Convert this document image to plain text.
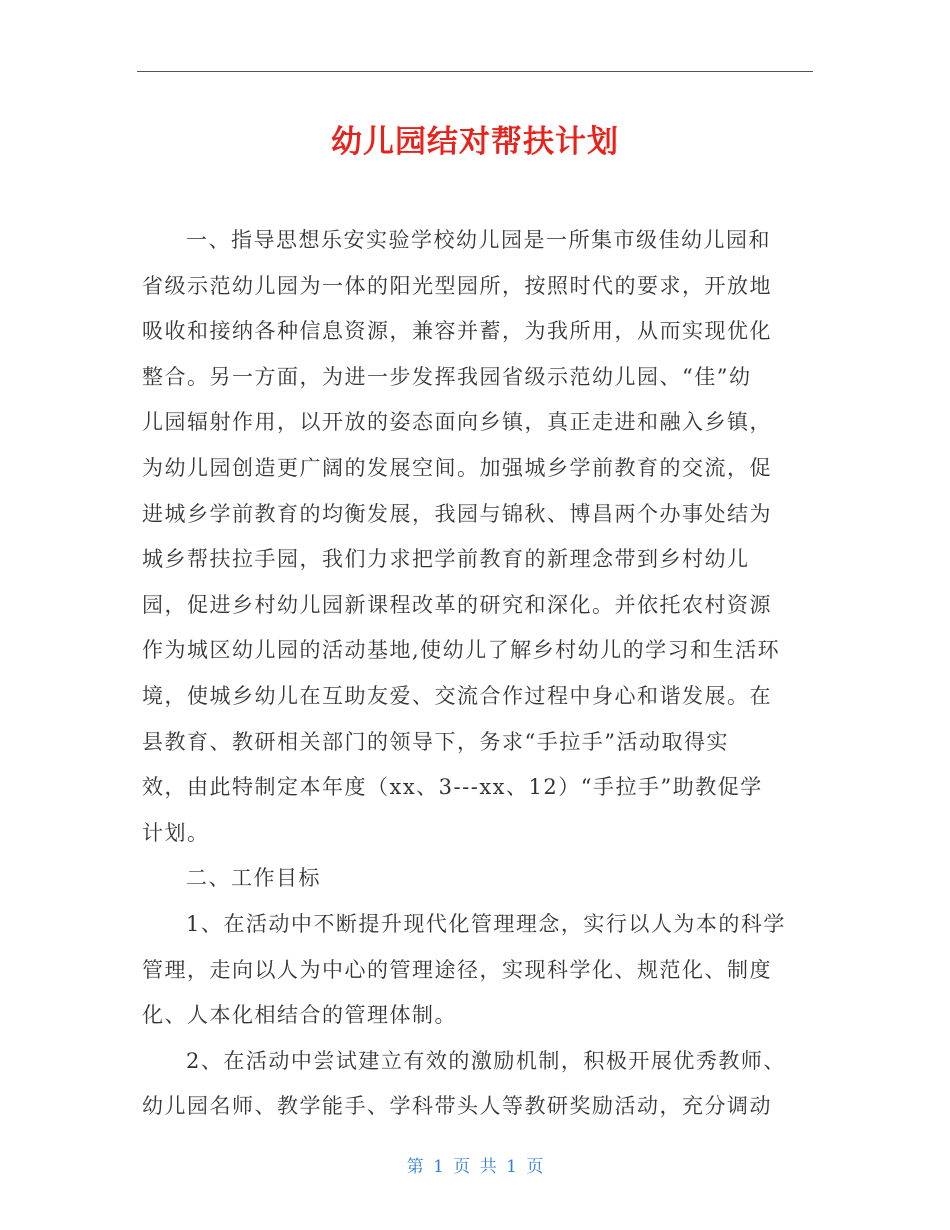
幼儿园结对帮扶计划
一、指导思想乐安实验学校幼儿园是一所集市级佳幼儿园和
省级示范幼儿园为一体的阳光型园所，按照时代的要求，开放地
吸收和接纳各种信息资源，兼容并蓄，为我所用，从而实现优化
整合。另一方面，为进一步发挥我园省级示范幼儿园、“佳”幼
儿园辐射作用，以开放的姿态面向乡镇，真正走进和融入乡镇，
为幼儿园创造更广阔的发展空间。加强城乡学前教育的交流，促
进城乡学前教育的均衡发展，我园与锦秋、博昌两个办事处结为
城乡帮扶拉手园，我们力求把学前教育的新理念带到乡村幼儿
园，促进乡村幼儿园新课程改革的研究和深化。并依托农村资源
作为城区幼儿园的活动基地,使幼儿了解乡村幼儿的学习和生活环
境，使城乡幼儿在互助友爱、交流合作过程中身心和谐发展。在
县教育、教研相关部门的领导下，务求“手拉手”活动取得实
效，由此特制定本年度（xx、3---xx、12）“手拉手”助教促学
计划。
二、工作目标
1、在活动中不断提升现代化管理理念，实行以人为本的科学
管理，走向以人为中心的管理途径，实现科学化、规范化、制度
化、人本化相结合的管理体制。
2、在活动中尝试建立有效的激励机制，积极开展优秀教师、
幼儿园名师、教学能手、学科带头人等教研奖励活动，充分调动
第 1 页 共 1 页
